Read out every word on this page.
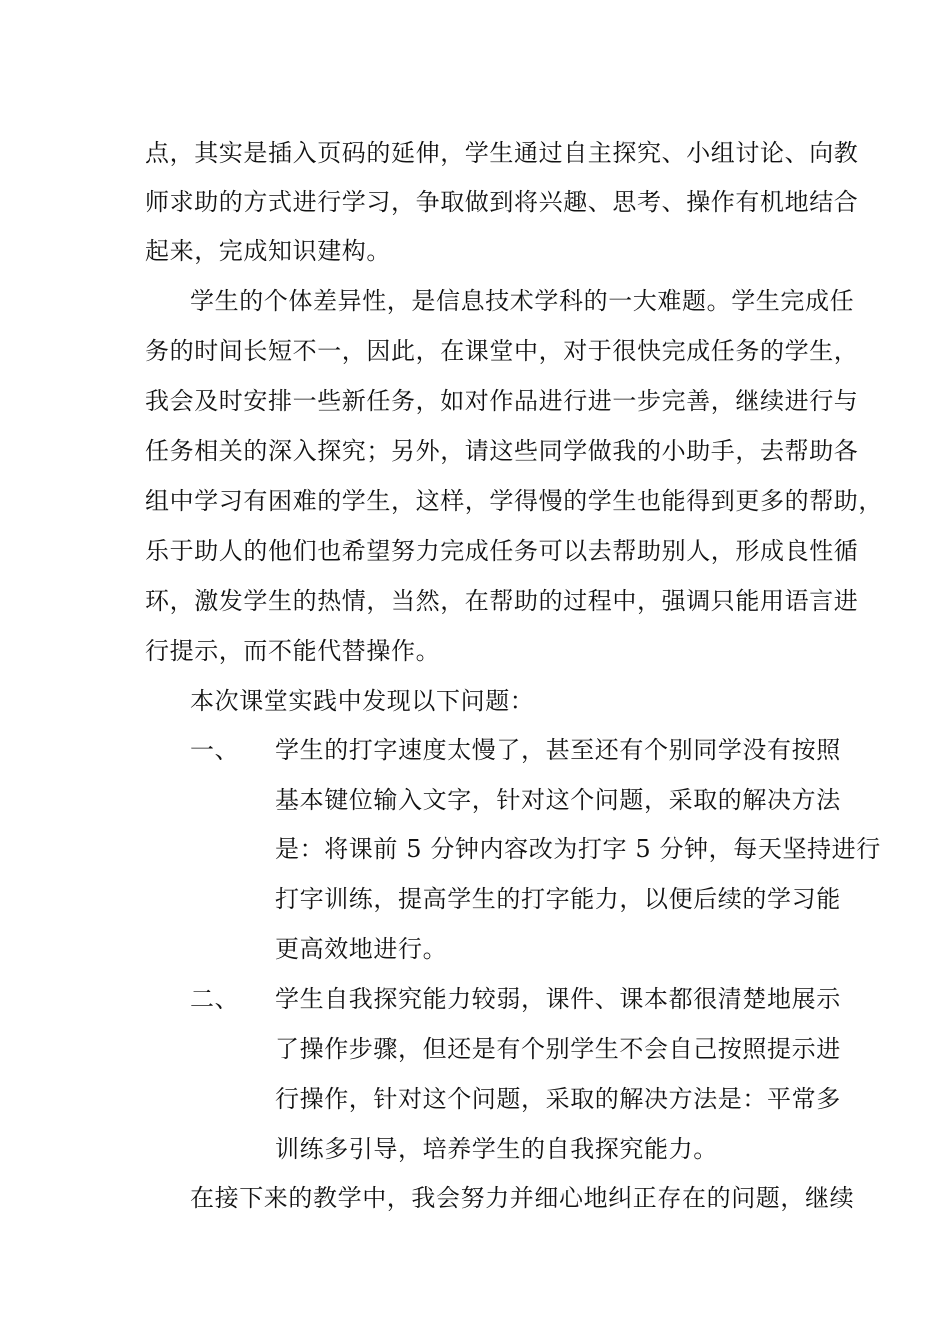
点，其实是插入页码的延伸，学生通过自主探究、小组讨论、向教
师求助的方式进行学习，争取做到将兴趣、思考、操作有机地结合
起来，完成知识建构。
学生的个体差异性，是信息技术学科的一大难题。学生完成任
务的时间长短不一，因此，在课堂中，对于很快完成任务的学生，
我会及时安排一些新任务，如对作品进行进一步完善，继续进行与
任务相关的深入探究；另外，请这些同学做我的小助手，去帮助各
组中学习有困难的学生，这样，学得慢的学生也能得到更多的帮助，
乐于助人的他们也希望努力完成任务可以去帮助别人，形成良性循
环，激发学生的热情，当然，在帮助的过程中，强调只能用语言进
行提示，而不能代替操作。
本次课堂实践中发现以下问题：
一、 学生的打字速度太慢了，甚至还有个别同学没有按照
基本键位输入文字，针对这个问题，采取的解决方法
是：将课前 5 分钟内容改为打字 5 分钟，每天坚持进行
打字训练，提高学生的打字能力，以便后续的学习能
更高效地进行。
二、 学生自我探究能力较弱，课件、课本都很清楚地展示
了操作步骤，但还是有个别学生不会自己按照提示进
行操作，针对这个问题，采取的解决方法是：平常多
训练多引导，培养学生的自我探究能力。
在接下来的教学中，我会努力并细心地纠正存在的问题，继续
